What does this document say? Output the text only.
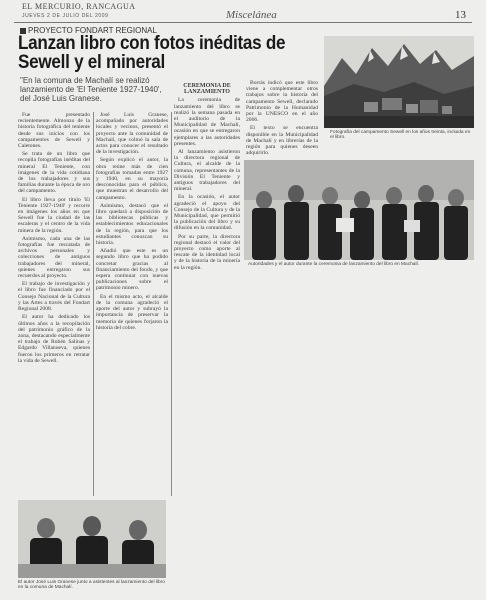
EL MERCURIO, RANCAGUA
JUEVES 2 DE JULIO DEL 2009	Miscelánea	13
PROYECTO FONDART REGIONAL
Lanzan libro con fotos inéditas de Sewell y el mineral
"En la comuna de Machalí se realizó lanzamiento de 'El Teniente 1927-1940', del José Luis Granese.
Fotografía del campamento Sewell en los años treinta, incluida en el libro.
Autoridades y el autor durante la ceremonia de lanzamiento del libro en Machalí.
El autor José Luis Granese junto a asistentes al lanzamiento del libro en la comuna de Machalí.

Fue presentado recientemente. Almonzo de la historia fotográfica del teniente desde sus inicios con los campamentos de Sewell y Caletones.

Se trata de un libro que recopila fotografías inéditas del mineral El Teniente, con imágenes de la vida cotidiana de los trabajadores y sus familias durante la época de oro del campamento.

El libro lleva por título 'El Teniente 1927-1940' y recorre en imágenes los años en que Sewell fue la ciudad de las escaleras y el centro de la vida minera de la región.

Asimismo, cada una de las fotografías fue rescatada de archivos personales y colecciones de antiguos trabajadores del mineral, quienes entregaron sus recuerdos al proyecto.

El trabajo de investigación y el libro fue financiado por el Consejo Nacional de la Cultura y las Artes a través del Fondart Regional 2008.

El autor ha dedicado los últimos años a la recopilación del patrimonio gráfico de la zona, destacando especialmente el trabajo de Rubén Salinas y Edgardo Villanueva, quienes fueron los primeros en retratar la vida de Sewell.

José Luis Granese, acompañado por autoridades locales y vecinos, presentó el proyecto ante la comunidad de Machalí, que colmó la sala de actos para conocer el resultado de la investigación.

Según explicó el autor, la obra reúne más de cien fotografías tomadas entre 1927 y 1940, en su mayoría desconocidas para el público, que muestran el desarrollo del campamento.

Asimismo, destacó que el libro quedará a disposición de las bibliotecas públicas y establecimientos educacionales de la región, para que los estudiantes conozcan su historia.

Añadió que este es un segundo libro que ha podido concretar gracias al financiamiento del fondo, y que espera continuar con nuevas publicaciones sobre el patrimonio minero.

En el mismo acto, el alcalde de la comuna agradeció el aporte del autor y subrayó la importancia de preservar la memoria de quienes forjaron la historia del cobre.

CEREMONIA DE LANZAMIENTO

La ceremonia de lanzamiento del libro se realizó la semana pasada en el auditorio de la Municipalidad de Machalí, ocasión en que se entregaron ejemplares a las autoridades presentes.

Al lanzamiento asistieron la directora regional de Cultura, el alcalde de la comuna, representantes de la División El Teniente y antiguos trabajadores del mineral.

En la ocasión, el autor agradeció el apoyo del Consejo de la Cultura y de la Municipalidad, que permitió la publicación del libro y su difusión en la comunidad.

Por su parte, la directora regional destacó el valor del proyecto como aporte al rescate de la identidad local y de la historia de la minería en la región.

Borrás indicó que este libro viene a complementar otros trabajos sobre la historia del campamento Sewell, declarado Patrimonio de la Humanidad por la UNESCO en el año 2006.

El texto se encuentra disponible en la Municipalidad de Machalí y en librerías de la región para quienes deseen adquirirlo.
